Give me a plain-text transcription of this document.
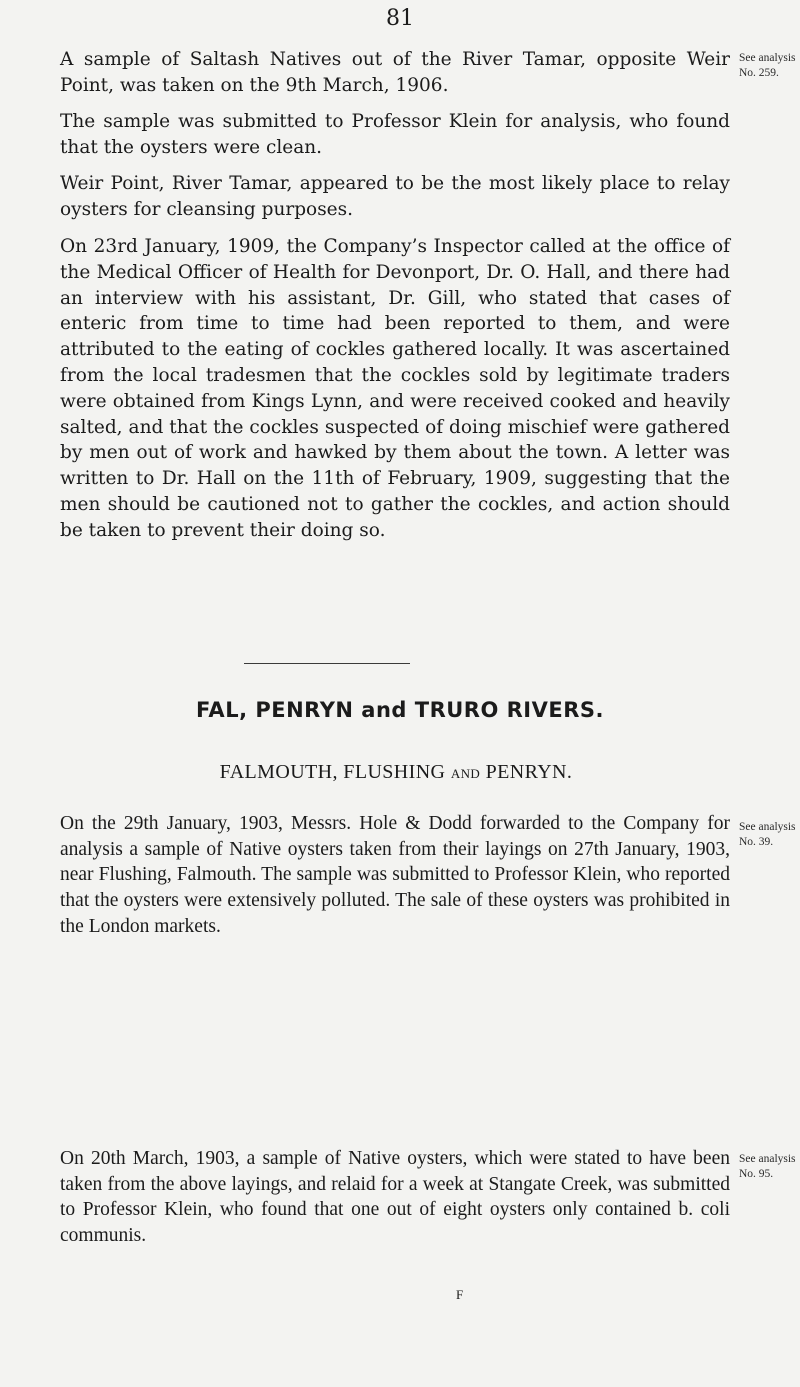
81

A sample of Saltash Natives out of the River Tamar, opposite Weir Point, was taken on the 9th March, 1906.

See analysis No. 259.

The sample was submitted to Professor Klein for analysis, who found that the oysters were clean.

Weir Point, River Tamar, appeared to be the most likely place to relay oysters for cleansing purposes.

On 23rd January, 1909, the Company’s Inspector called at the office of the Medical Officer of Health for Devonport, Dr. O. Hall, and there had an interview with his assistant, Dr. Gill, who stated that cases of enteric from time to time had been reported to them, and were attributed to the eating of cockles gathered locally. It was ascertained from the local tradesmen that the cockles sold by legitimate traders were obtained from Kings Lynn, and were received cooked and heavily salted, and that the cockles suspected of doing mischief were gathered by men out of work and hawked by them about the town. A letter was written to Dr. Hall on the 11th of February, 1909, suggesting that the men should be cautioned not to gather the cockles, and action should be taken to prevent their doing so.

FAL, PENRYN and TRURO RIVERS.
FALMOUTH, FLUSHING AND PENRYN.

On the 29th January, 1903, Messrs. Hole & Dodd forwarded to the Company for analysis a sample of Native oysters taken from their layings on 27th January, 1903, near Flushing, Falmouth. The sample was submitted to Professor Klein, who reported that the oysters were extensively polluted. The sale of these oysters was prohibited in the London markets.

See analysis No. 39.

On 20th March, 1903, a sample of Native oysters, which were stated to have been taken from the above layings, and relaid for a week at Stangate Creek, was submitted to Professor Klein, who found that one out of eight oysters only contained b. coli communis.

See analysis No. 95.
F
